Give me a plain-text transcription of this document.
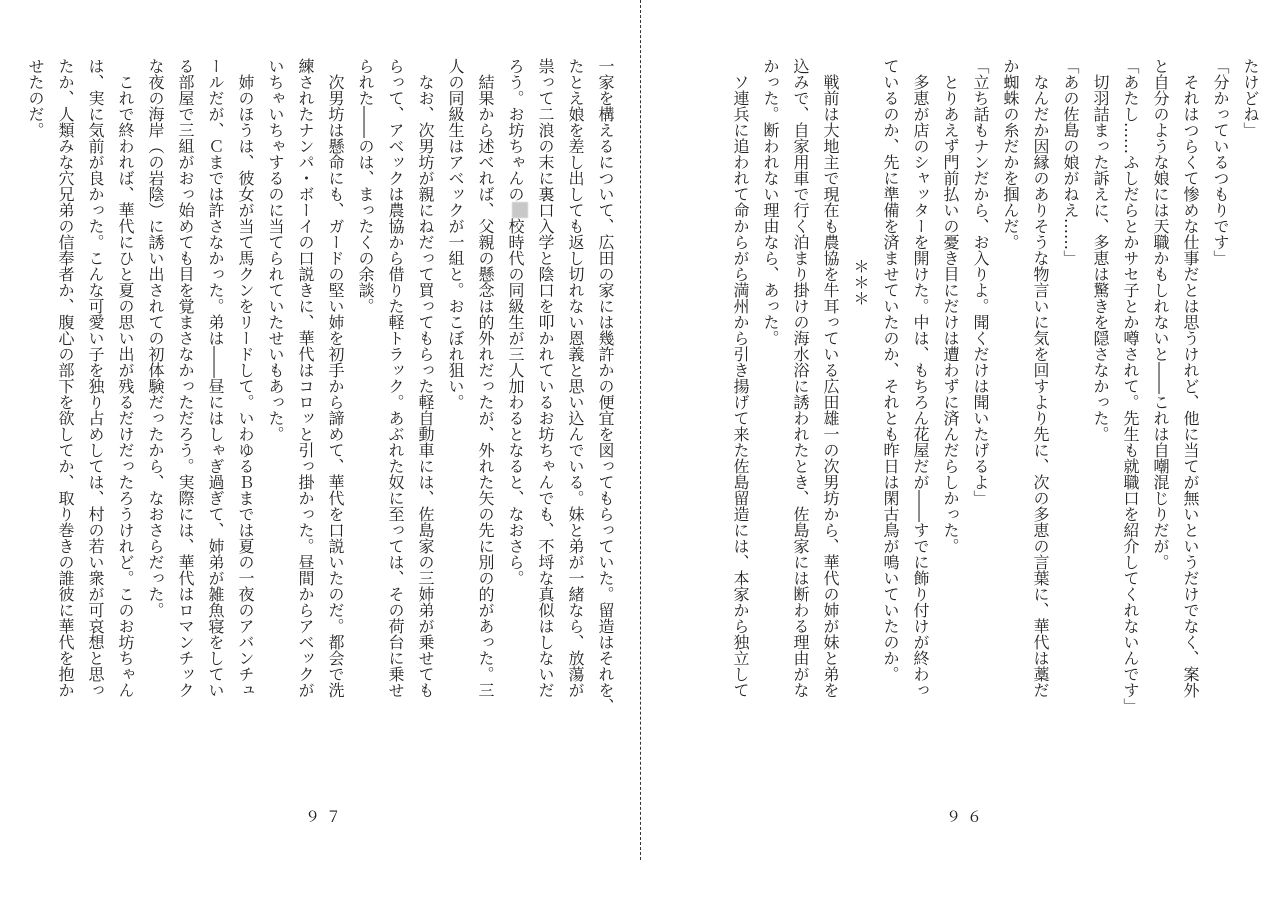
たけどね」
「分かっているつもりです」
　それはつらくて惨めな仕事だとは思うけれど、他に当てが無いというだけでなく、案外
と自分のような娘には天職かもしれないと――これは自嘲混じりだが。
「あたし……ふしだらとかサセ子とか噂されて。先生も就職口を紹介してくれないんです」
　切羽詰まった訴えに、多恵は驚きを隠さなかった。
「あの佐島の娘がねえ……」
　なんだか因縁のありそうな物言いに気を回すより先に、次の多恵の言葉に、華代は藁だ
か蜘蛛の糸だかを掴んだ。
「立ち話もナンだから、お入りよ。聞くだけは聞いたげるよ」
　とりあえず門前払いの憂き目にだけは遭わずに済んだらしかった。
　多恵が店のシャッターを開けた。中は、もちろん花屋だが――すでに飾り付けが終わっ
ているのか、先に準備を済ませていたのか、それとも昨日は閑古鳥が鳴いていたのか。
＊＊＊
　戦前は大地主で現在も農協を牛耳っている広田雄一の次男坊から、華代の姉が妹と弟を
込みで、自家用車で行く泊まり掛けの海水浴に誘われたとき、佐島家には断わる理由がな
かった。断われない理由なら、あった。
　ソ連兵に追われて命からがら満州から引き揚げて来た佐島留造には、本家から独立して
一家を構えるについて、広田の家には幾許かの便宜を図ってもらっていた。留造はそれを、
たとえ娘を差し出しても返し切れない恩義と思い込んでいる。妹と弟が一緒なら、放蕩が
祟って二浪の末に裏口入学と陰口を叩かれているお坊ちゃんでも、不埒な真似はしないだ
ろう。お坊ちゃんの校時代の同級生が三人加わるとなると、なおさら。
　結果から述べれば、父親の懸念は的外れだったが、外れた矢の先に別の的があった。三
人の同級生はアベックが一組と。おこぼれ狙い。
　なお、次男坊が親にねだって買ってもらった軽自動車には、佐島家の三姉弟が乗せても
らって、アベックは農協から借りた軽トラック。あぶれた奴に至っては、その荷台に乗せ
られた――のは、まったくの余談。
　次男坊は懸命にも、ガードの堅い姉を初手から諦めて、華代を口説いたのだ。都会で洗
練されたナンパ・ボーイの口説きに、華代はコロッと引っ掛かった。昼間からアベックが
いちゃいちゃするのに当てられていたせいもあった。
　姉のほうは、彼女が当て馬クンをリードして。いわゆるＢまでは夏の一夜のアバンチュ
ールだが、Ｃまでは許さなかった。弟は――昼にはしゃぎ過ぎて、姉弟が雑魚寝をしてい
る部屋で三組がおっ始めても目を覚まさなかっただろう。実際には、華代はロマンチック
な夜の海岸（の岩陰）に誘い出されての初体験だったから、なおさらだった。
　これで終われば、華代にひと夏の思い出が残るだけだったろうけれど。このお坊ちゃん
は、実に気前が良かった。こんな可愛い子を独り占めしては、村の若い衆が可哀想と思っ
たか、人類みな穴兄弟の信奉者か、腹心の部下を欲してか、取り巻きの誰彼に華代を抱か
せたのだ。
９７	９６
